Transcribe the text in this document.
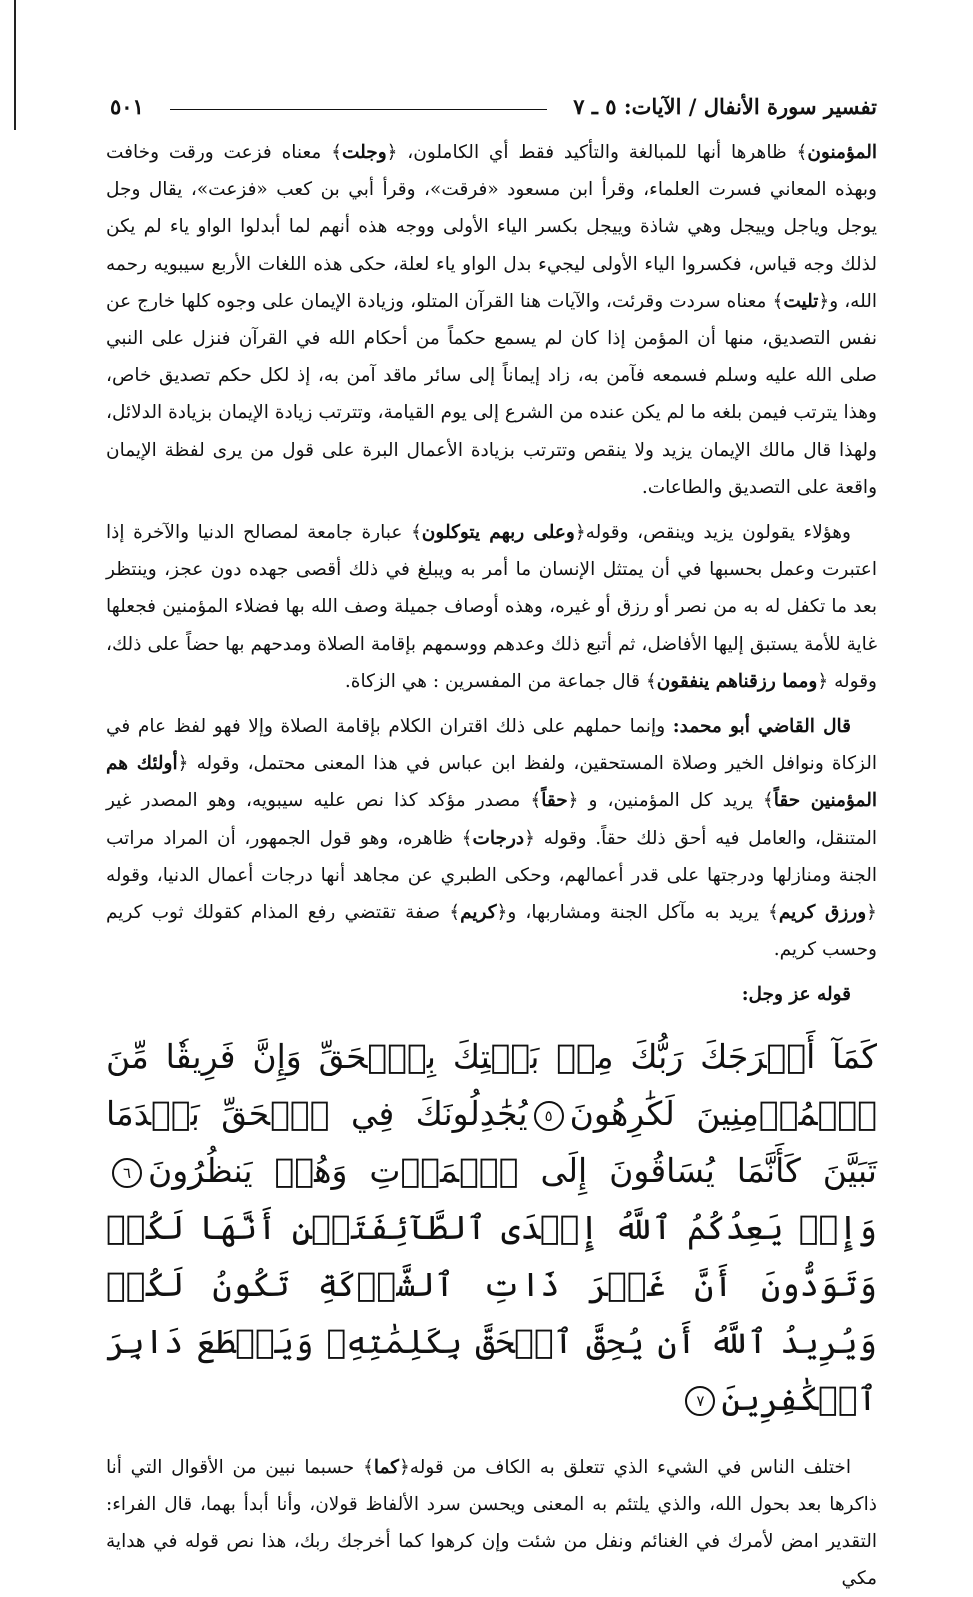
تفسير سورة الأنفال / الآيات: ٥ ـ ٧
٥٠١

المؤمنون﴾ ظاهرها أنها للمبالغة والتأكيد فقط أي الكاملون، ﴿وجلت﴾ معناه فزعت ورقت وخافت وبهذه المعاني فسرت العلماء، وقرأ ابن مسعود «فرقت»، وقرأ أبي بن كعب «فزعت»، يقال وجل يوجل وياجل وييجل وهي شاذة وييجل بكسر الياء الأولى ووجه هذه أنهم لما أبدلوا الواو ياء لم يكن لذلك وجه قياس، فكسروا الياء الأولى ليجيء بدل الواو ياء لعلة، حكى هذه اللغات الأربع سيبويه رحمه الله، و﴿تليت﴾ معناه سردت وقرئت، والآيات هنا القرآن المتلو، وزيادة الإيمان على وجوه كلها خارج عن نفس التصديق، منها أن المؤمن إذا كان لم يسمع حكماً من أحكام الله في القرآن فنزل على النبي صلى الله عليه وسلم فسمعه فآمن به، زاد إيماناً إلى سائر ماقد آمن به، إذ لكل حكم تصديق خاص، وهذا يترتب فيمن بلغه ما لم يكن عنده من الشرع إلى يوم القيامة، وتترتب زيادة الإيمان بزيادة الدلائل، ولهذا قال مالك الإيمان يزيد ولا ينقص وتترتب بزيادة الأعمال البرة على قول من يرى لفظة الإيمان واقعة على التصديق والطاعات.

وهؤلاء يقولون يزيد وينقص، وقوله﴿وعلى ربهم يتوكلون﴾ عبارة جامعة لمصالح الدنيا والآخرة إذا اعتبرت وعمل بحسبها في أن يمتثل الإنسان ما أمر به ويبلغ في ذلك أقصى جهده دون عجز، وينتظر بعد ما تكفل له به من نصر أو رزق أو غيره، وهذه أوصاف جميلة وصف الله بها فضلاء المؤمنين فجعلها غاية للأمة يستبق إليها الأفاضل، ثم أتبع ذلك وعدهم ووسمهم بإقامة الصلاة ومدحهم بها حضاً على ذلك، وقوله ﴿ومما رزقناهم ينفقون﴾ قال جماعة من المفسرين : هي الزكاة.

قال القاضي أبو محمد: وإنما حملهم على ذلك اقتران الكلام بإقامة الصلاة وإلا فهو لفظ عام في الزكاة ونوافل الخير وصلاة المستحقين، ولفظ ابن عباس في هذا المعنى محتمل، وقوله ﴿أولئك هم المؤمنين حقاً﴾ يريد كل المؤمنين، و ﴿حقاً﴾ مصدر مؤكد كذا نص عليه سيبويه، وهو المصدر غير المتنقل، والعامل فيه أحق ذلك حقاً. وقوله ﴿درجات﴾ ظاهره، وهو قول الجمهور، أن المراد مراتب الجنة ومنازلها ودرجتها على قدر أعمالهم، وحكى الطبري عن مجاهد أنها درجات أعمال الدنيا، وقوله ﴿ورزق كريم﴾ يريد به مآكل الجنة ومشاربها، و﴿كريم﴾ صفة تقتضي رفع المذام كقولك ثوب كريم وحسب كريم.

قوله عز وجل:

كَمَآ أَخۡرَجَكَ رَبُّكَ مِنۢ بَيۡتِكَ بِٱلۡحَقِّ وَإِنَّ فَرِيقٗا مِّنَ ٱلۡمُؤۡمِنِينَ لَكَٰرِهُونَ٥يُجَٰدِلُونَكَ فِي ٱلۡحَقِّ بَعۡدَمَا تَبَيَّنَ كَأَنَّمَا يُسَاقُونَ إِلَى ٱلۡمَوۡتِ وَهُمۡ يَنظُرُونَ٦وَإِذۡ يَعِدُكُمُ ٱللَّهُ إِحۡدَى ٱلطَّآئِفَتَيۡنِ أَنَّهَا لَكُمۡ وَتَوَدُّونَ أَنَّ غَيۡرَ ذَاتِ ٱلشَّوۡكَةِ تَكُونُ لَكُمۡ وَيُرِيدُ ٱللَّهُ أَن يُحِقَّ ٱلۡحَقَّ بِكَلِمَٰتِهِۦ وَيَقۡطَعَ دَابِرَ ٱلۡكَٰفِرِينَ٧

اختلف الناس في الشيء الذي تتعلق به الكاف من قوله﴿كما﴾ حسبما نبين من الأقوال التي أنا ذاكرها بعد بحول الله، والذي يلتئم به المعنى ويحسن سرد الألفاظ قولان، وأنا أبدأ بهما، قال الفراء: التقدير امض لأمرك في الغنائم ونفل من شئت وإن كرهوا كما أخرجك ربك، هذا نص قوله في هداية مكي
